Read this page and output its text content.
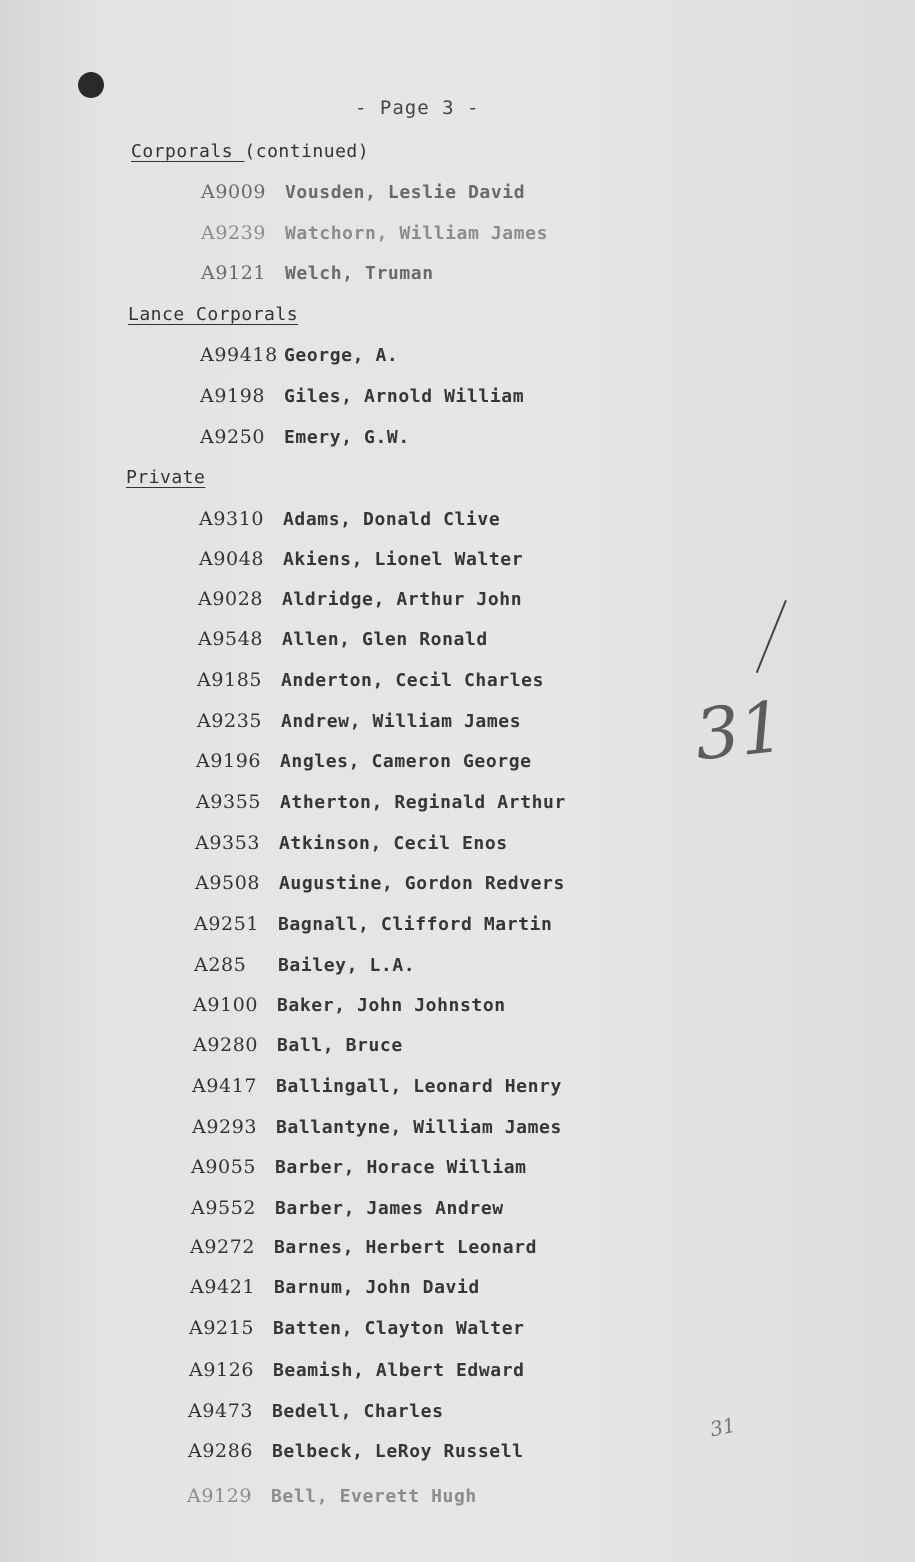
- Page 3 -
Corporals (continued)
A9009 Vousden, Leslie David
A9239 Watchorn, William James
A9121 Welch, Truman
Lance Corporals
A99418 George, A.
A9198 Giles, Arnold William
A9250 Emery, G.W.
Private
A9310 Adams, Donald Clive
A9048 Akiens, Lionel Walter
A9028 Aldridge, Arthur John
A9548 Allen, Glen Ronald
A9185 Anderton, Cecil Charles
A9235 Andrew, William James
A9196 Angles, Cameron George
A9355 Atherton, Reginald Arthur
A9353 Atkinson, Cecil Enos
A9508 Augustine, Gordon Redvers
A9251 Bagnall, Clifford Martin
A285 Bailey, L.A.
A9100 Baker, John Johnston
A9280 Ball, Bruce
A9417 Ballingall, Leonard Henry
A9293 Ballantyne, William James
A9055 Barber, Horace William
A9552 Barber, James Andrew
A9272 Barnes, Herbert Leonard
A9421 Barnum, John David
A9215 Batten, Clayton Walter
A9126 Beamish, Albert Edward
A9473 Bedell, Charles
A9286 Belbeck, LeRoy Russell
A9129 Bell, Everett Hugh
31
31
